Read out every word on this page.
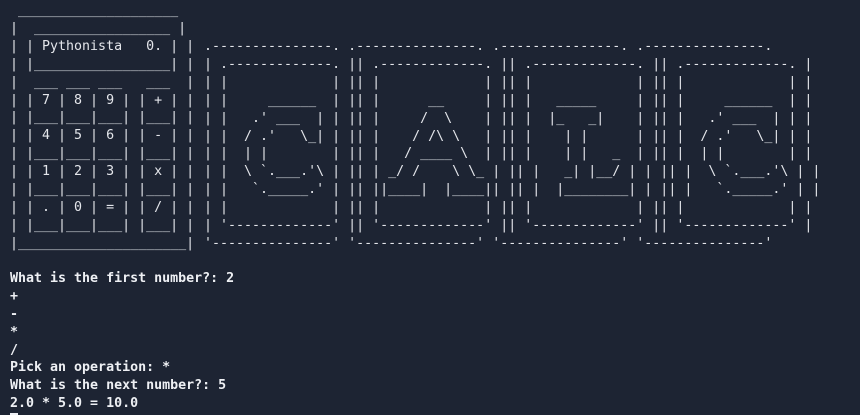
____________________
|  _________________ |
| | Pythonista   0. | |
| |_________________| |
|  ___ ___ ___   ___  |
| | 7 | 8 | 9 | | + | |
| |___|___|___| |___| |
| | 4 | 5 | 6 | | - | |
| |___|___|___| |___| |
| | 1 | 2 | 3 | | x | |
| |___|___|___| |___| |
| | . | 0 | = | | / | |
| |___|___|___| |___| |
|_____________________|
.---------------. .---------------. .---------------. .---------------.
| .-------------. || .-------------. || .-------------. || .-------------. |
| |             | || |             | || |             | || |             | |
| |     ______  | || |      __     | || |   _____     | || |     ______  | |
| |   .' ___  | | || |     /  \    | || |  |_   _|    | || |   .' ___  | | |
| |  / .'   \_| | || |    / /\ \   | || |    | |      | || |  / .'   \_| | |
| |  | |        | || |   / ____ \  | || |    | |   _  | || |  | |        | |
| |  \ `.___.'\ | || | _/ /    \ \_ | || |   _| |__/ | | || |  \ `.___.'\ | |
| |   `._____.' | || ||____|  |____|| || |  |________| | || |   `._____.' | |
| |             | || |             | || |             | || |             | |
| '-------------' || '-------------' || '-------------' || '-------------' |
'---------------' '---------------' '---------------' '---------------'
What is the first number?: 2
+
-
*
/
Pick an operation: *
What is the next number?: 5
2.0 * 5.0 = 10.0
